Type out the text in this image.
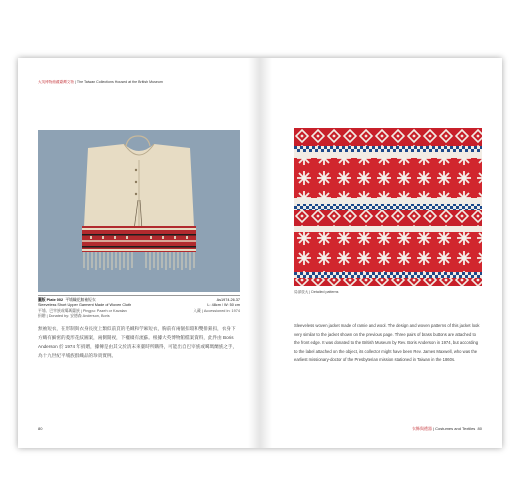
大英博物館藏臺灣文物 | The Taiwan Collections Housed at the British Museum
圖版 Plate 002 平埔織花無袖短衣	As1974.26.37
Sleeveless Short Upper Garment Made of Woven Cloth	L: 48cm / W: 50 cm
平埔、巴宰族或噶瑪蘭族 | Pingpu: Pazeh or Kavalan	入藏 | Accessioned in: 1974
捐贈 | Donated by: 安德森 Anderson, Boris
無袖短衣，在形制與衣身長度上類似前頁的毛織和苧麻短衣，胸前有兩個扣環和雙排鈕扣，衣身下方織有細密的菱形花紋圖案，兩側開衩，下襬綴有流蘇。根據大英博物館檔案資料，此件由 Boris Anderson 於 1974 年捐贈，據傳是由其父於清末來臺時所購得，可能出自巴宰族或噶瑪蘭族之手，為十九世紀平埔族群織品的珍貴實例。
80
局部放大 | Detailed patterns
Sleeveless woven jacket made of ramie and wool. The design and woven patterns of this jacket look very similar to the jacket shown on the previous page. Three pairs of brass buttons are attached to the front edge. It was donated to the British Museum by Rev. Boris Anderson in 1974, but according to the label attached on the object, its collector might have been Rev. James Maxwell, who was the earliest missionary-doctor of the Presbyterian mission stationed in Taiwan in the 1860s.
衣飾與禮器 | Costumes and Textiles 80
